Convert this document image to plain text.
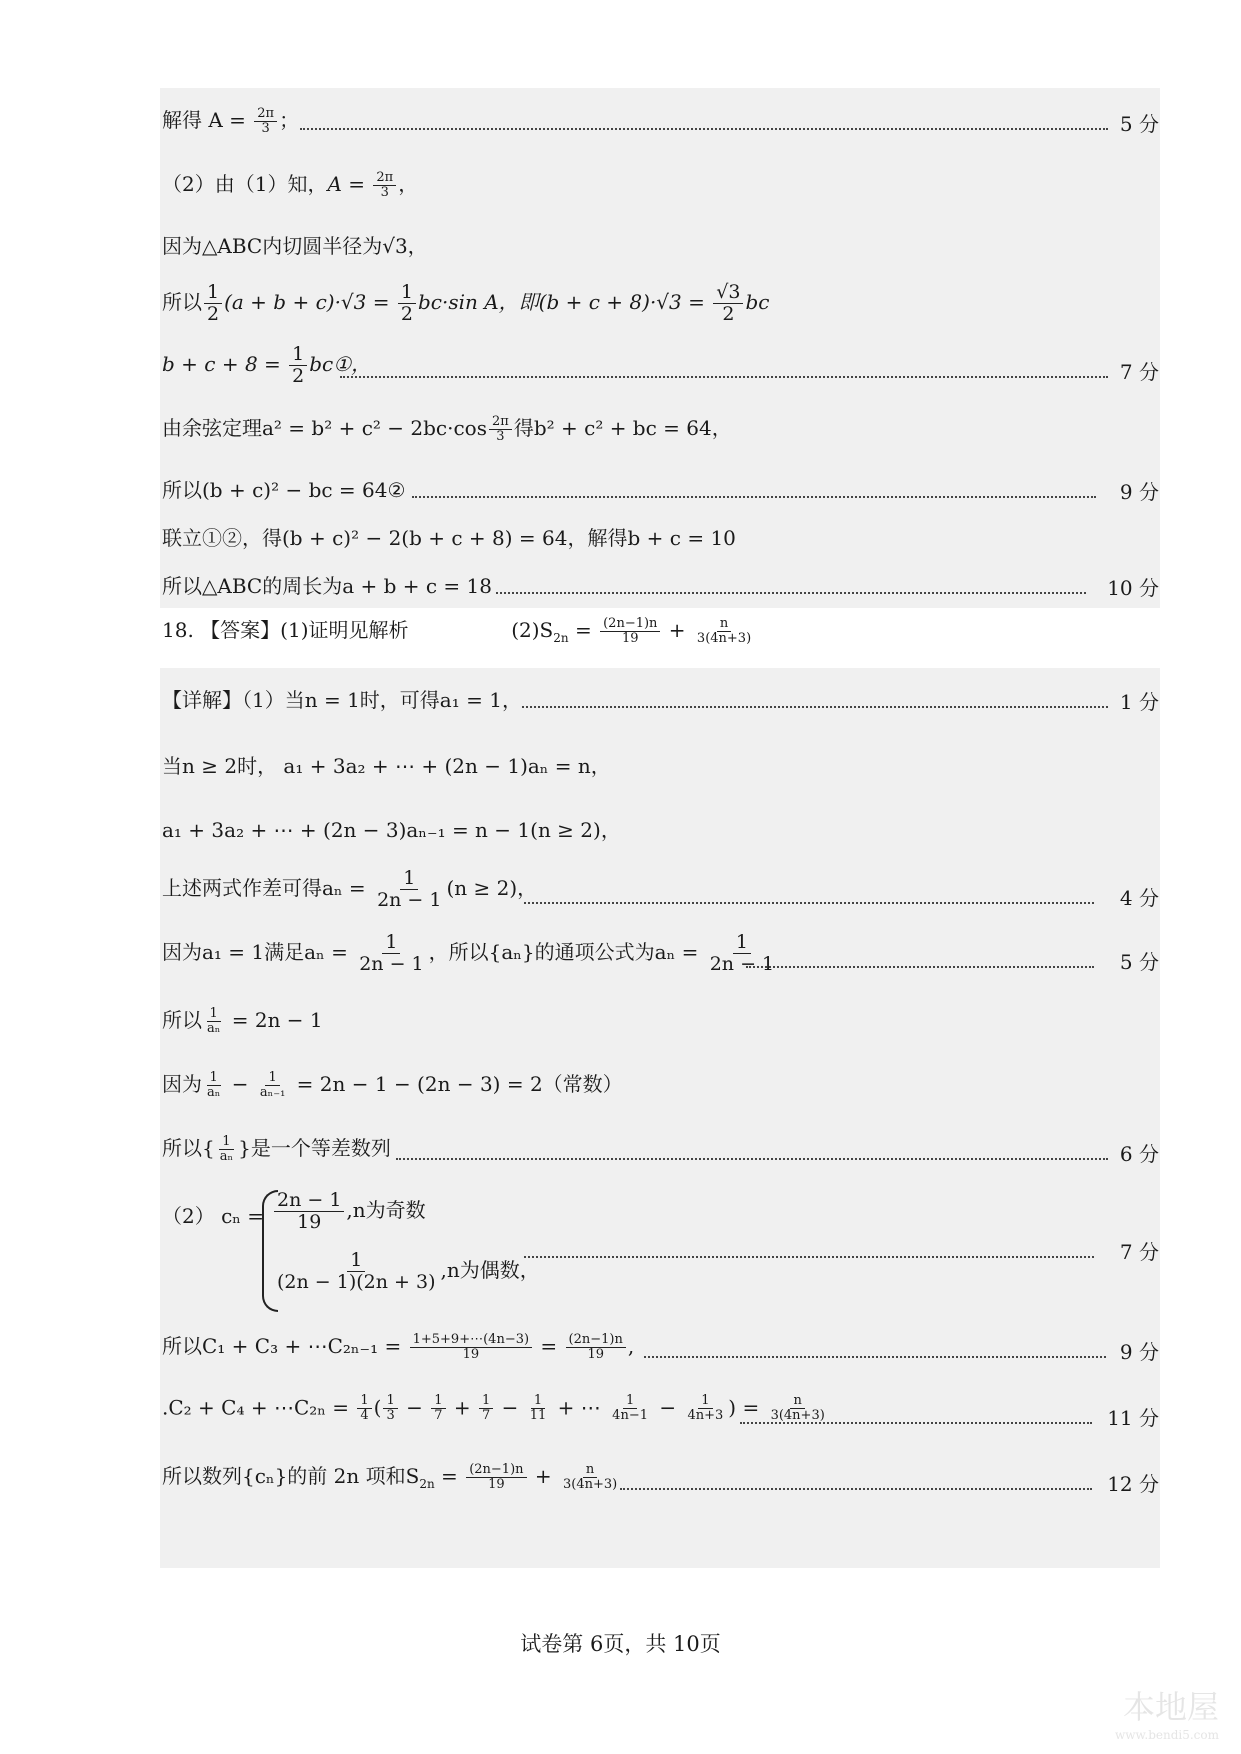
解得 $A = \frac{2\pi}{3}$ ；	5 分
（2）由（1）知，$A = \frac{2\pi}{3}$ ，
因为△ABC内切圆半径为√3，
所以 $\frac{1}{2} (a + b + c)\cdot√3 = \frac{1}{2} bc\cdot\sin$ A，即$(b + c + 8)\cdot√3 = \frac{√3}{2}$ bc
$b + c + 8 = \frac{1}{2}$ bc①，	7 分
由余弦定理$a^2 = b^2 + c^2 - 2bc\cdot\cos \frac{2\pi}{3}$ 得b² + c² + bc = 64，
所以(b + c)² − bc = 64②	9 分
联立①②，得(b + c)² − 2(b + c + 8) = 64，解得b + c = 10
所以△ABC的周长为a + b + c = 18	10 分
18. 【答案】(1)证明见解析	$(2)S_{2n} = \frac{(2n-1)n}{19} + \frac{n}{3(4n+3)}$
【详解】（1）当n = 1时，可得a₁ = 1，	1 分
当n ≥ 2时， a₁ + 3a₂ + ⋯ + (2n − 1)aₙ = n，
a₁ + 3a₂ + ⋯ + (2n − 3)aₙ₋₁ = n − 1(n ≥ 2)，
上述两式作差可得$a_n = \frac{1}{2n - 1} (n \ge 2)$，	4 分
因为a₁ = 1满足$a_n = \frac{1}{2n - 1}$ ，所以{aₙ}的通项公式为$a_n = \frac{1}{2n - 1}$	5 分
所以 $\frac{1}{\text{aₙ}} = 2n - 1$
因为 $\frac{1}{\text{aₙ}} - \frac{1}{\text{aₙ₋₁}} = 2n - 1 - (2n - 3) = 2$（常数）
所以{ $\frac{1}{\text{aₙ}}$ }是一个等差数列	6 分
（2） $c_n = \frac{2n - 1}{19} ,n$为奇数
$\frac{1}{(2n - 1)(2n + 3)} ,n$为偶数，
7 分
所以C₁ + C₃ + ⋯C₂ₙ₋₁ = $\frac{1+5+9+\cdots(4n-3)}{19} = \frac{(2n-1)n}{19}$ ,	9 分
.C₂ + C₄ + ⋯C₂ₙ = $\frac{1}{4}$ ( $\frac{1}{3} - \frac{1}{7} + \frac{1}{7} - \frac{1}{11}$ + ⋯ $\frac{1}{4n-1} - \frac{1}{4n+3}$ ) = $\frac{n}{3(4n+3)}$	11 分
所以数列{cₙ}的前 2n 项和$S_{2n} = \frac{(2n-1)n}{19} + \frac{n}{3(4n+3)}$	12 分
试卷第 6页，共 10页
本地屋
www.bendi5.com
